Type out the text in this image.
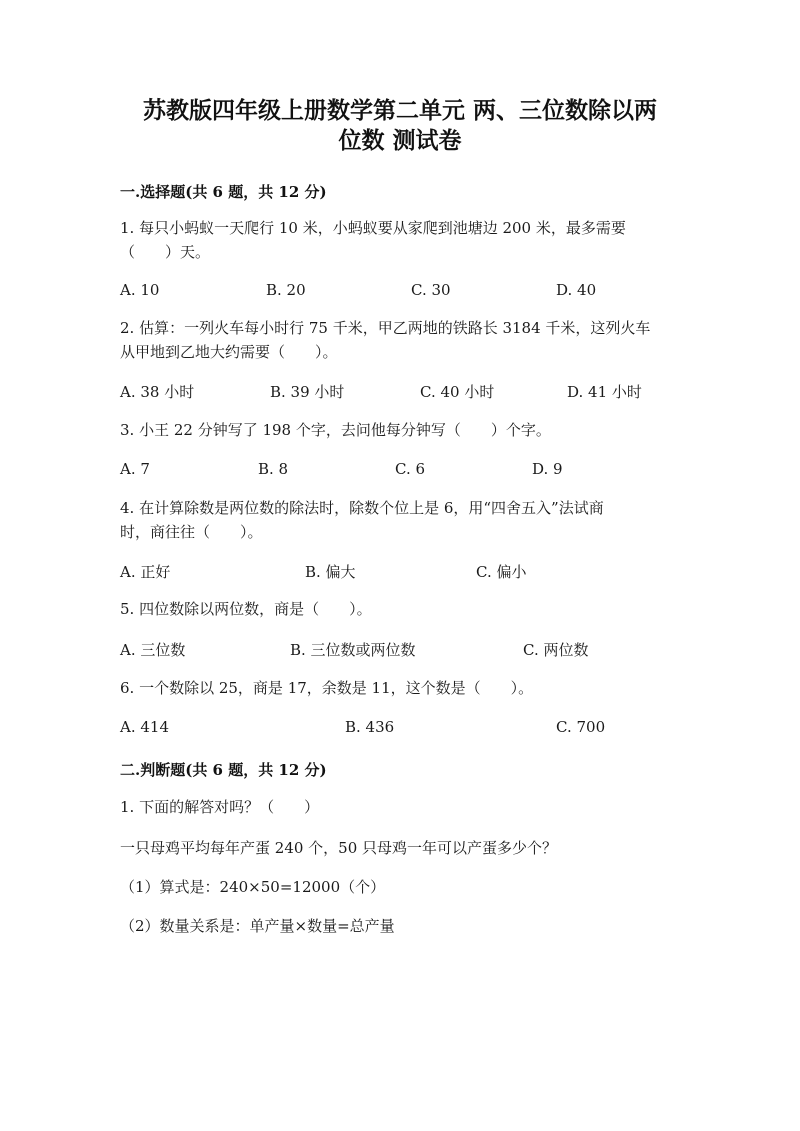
苏教版四年级上册数学第二单元 两、三位数除以两
位数 测试卷
一.选择题(共 6 题，共 12 分)
1. 每只小蚂蚁一天爬行 10 米，小蚂蚁要从家爬到池塘边 200 米，最多需要
（　　）天。
A. 10	B. 20	C. 30	D. 40
2. 估算：一列火车每小时行 75 千米，甲乙两地的铁路长 3184 千米，这列火车
从甲地到乙地大约需要（　　）。
A. 38 小时	B. 39 小时	C. 40 小时	D. 41 小时
3. 小王 22 分钟写了 198 个字，去问他每分钟写（　　）个字。
A. 7	B. 8	C. 6	D. 9
4. 在计算除数是两位数的除法时，除数个位上是 6，用“四舍五入”法试商
时，商往往（　　）。
A. 正好	B. 偏大	C. 偏小
5. 四位数除以两位数，商是（　　）。
A. 三位数	B. 三位数或两位数	C. 两位数
6. 一个数除以 25，商是 17，余数是 11，这个数是（　　）。
A. 414	B. 436	C. 700
二.判断题(共 6 题，共 12 分)
1. 下面的解答对吗？（　　）
一只母鸡平均每年产蛋 240 个，50 只母鸡一年可以产蛋多少个？
（1）算式是：240×50=12000（个）
（2）数量关系是：单产量×数量=总产量
